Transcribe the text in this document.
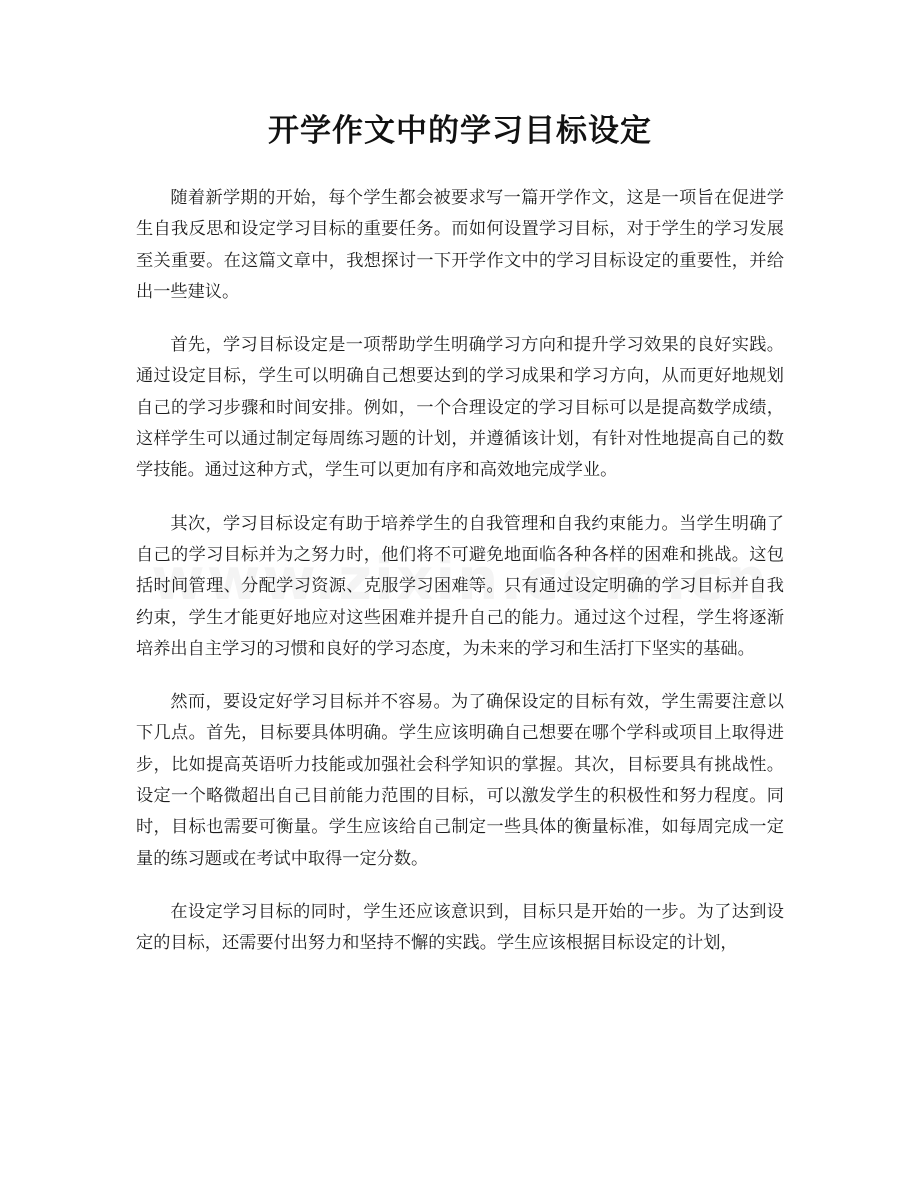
开学作文中的学习目标设定

随着新学期的开始，每个学生都会被要求写一篇开学作文，这是一项旨在促进学生自我反思和设定学习目标的重要任务。而如何设置学习目标，对于学生的学习发展至关重要。在这篇文章中，我想探讨一下开学作文中的学习目标设定的重要性，并给出一些建议。

首先，学习目标设定是一项帮助学生明确学习方向和提升学习效果的良好实践。通过设定目标，学生可以明确自己想要达到的学习成果和学习方向，从而更好地规划自己的学习步骤和时间安排。例如，一个合理设定的学习目标可以是提高数学成绩，这样学生可以通过制定每周练习题的计划，并遵循该计划，有针对性地提高自己的数学技能。通过这种方式，学生可以更加有序和高效地完成学业。

其次，学习目标设定有助于培养学生的自我管理和自我约束能力。当学生明确了自己的学习目标并为之努力时，他们将不可避免地面临各种各样的困难和挑战。这包括时间管理、分配学习资源、克服学习困难等。只有通过设定明确的学习目标并自我约束，学生才能更好地应对这些困难并提升自己的能力。通过这个过程，学生将逐渐培养出自主学习的习惯和良好的学习态度，为未来的学习和生活打下坚实的基础。

然而，要设定好学习目标并不容易。为了确保设定的目标有效，学生需要注意以下几点。首先，目标要具体明确。学生应该明确自己想要在哪个学科或项目上取得进步，比如提高英语听力技能或加强社会科学知识的掌握。其次，目标要具有挑战性。设定一个略微超出自己目前能力范围的目标，可以激发学生的积极性和努力程度。同时，目标也需要可衡量。学生应该给自己制定一些具体的衡量标准，如每周完成一定量的练习题或在考试中取得一定分数。

在设定学习目标的同时，学生还应该意识到，目标只是开始的一步。为了达到设定的目标，还需要付出努力和坚持不懈的实践。学生应该根据目标设定的计划，
